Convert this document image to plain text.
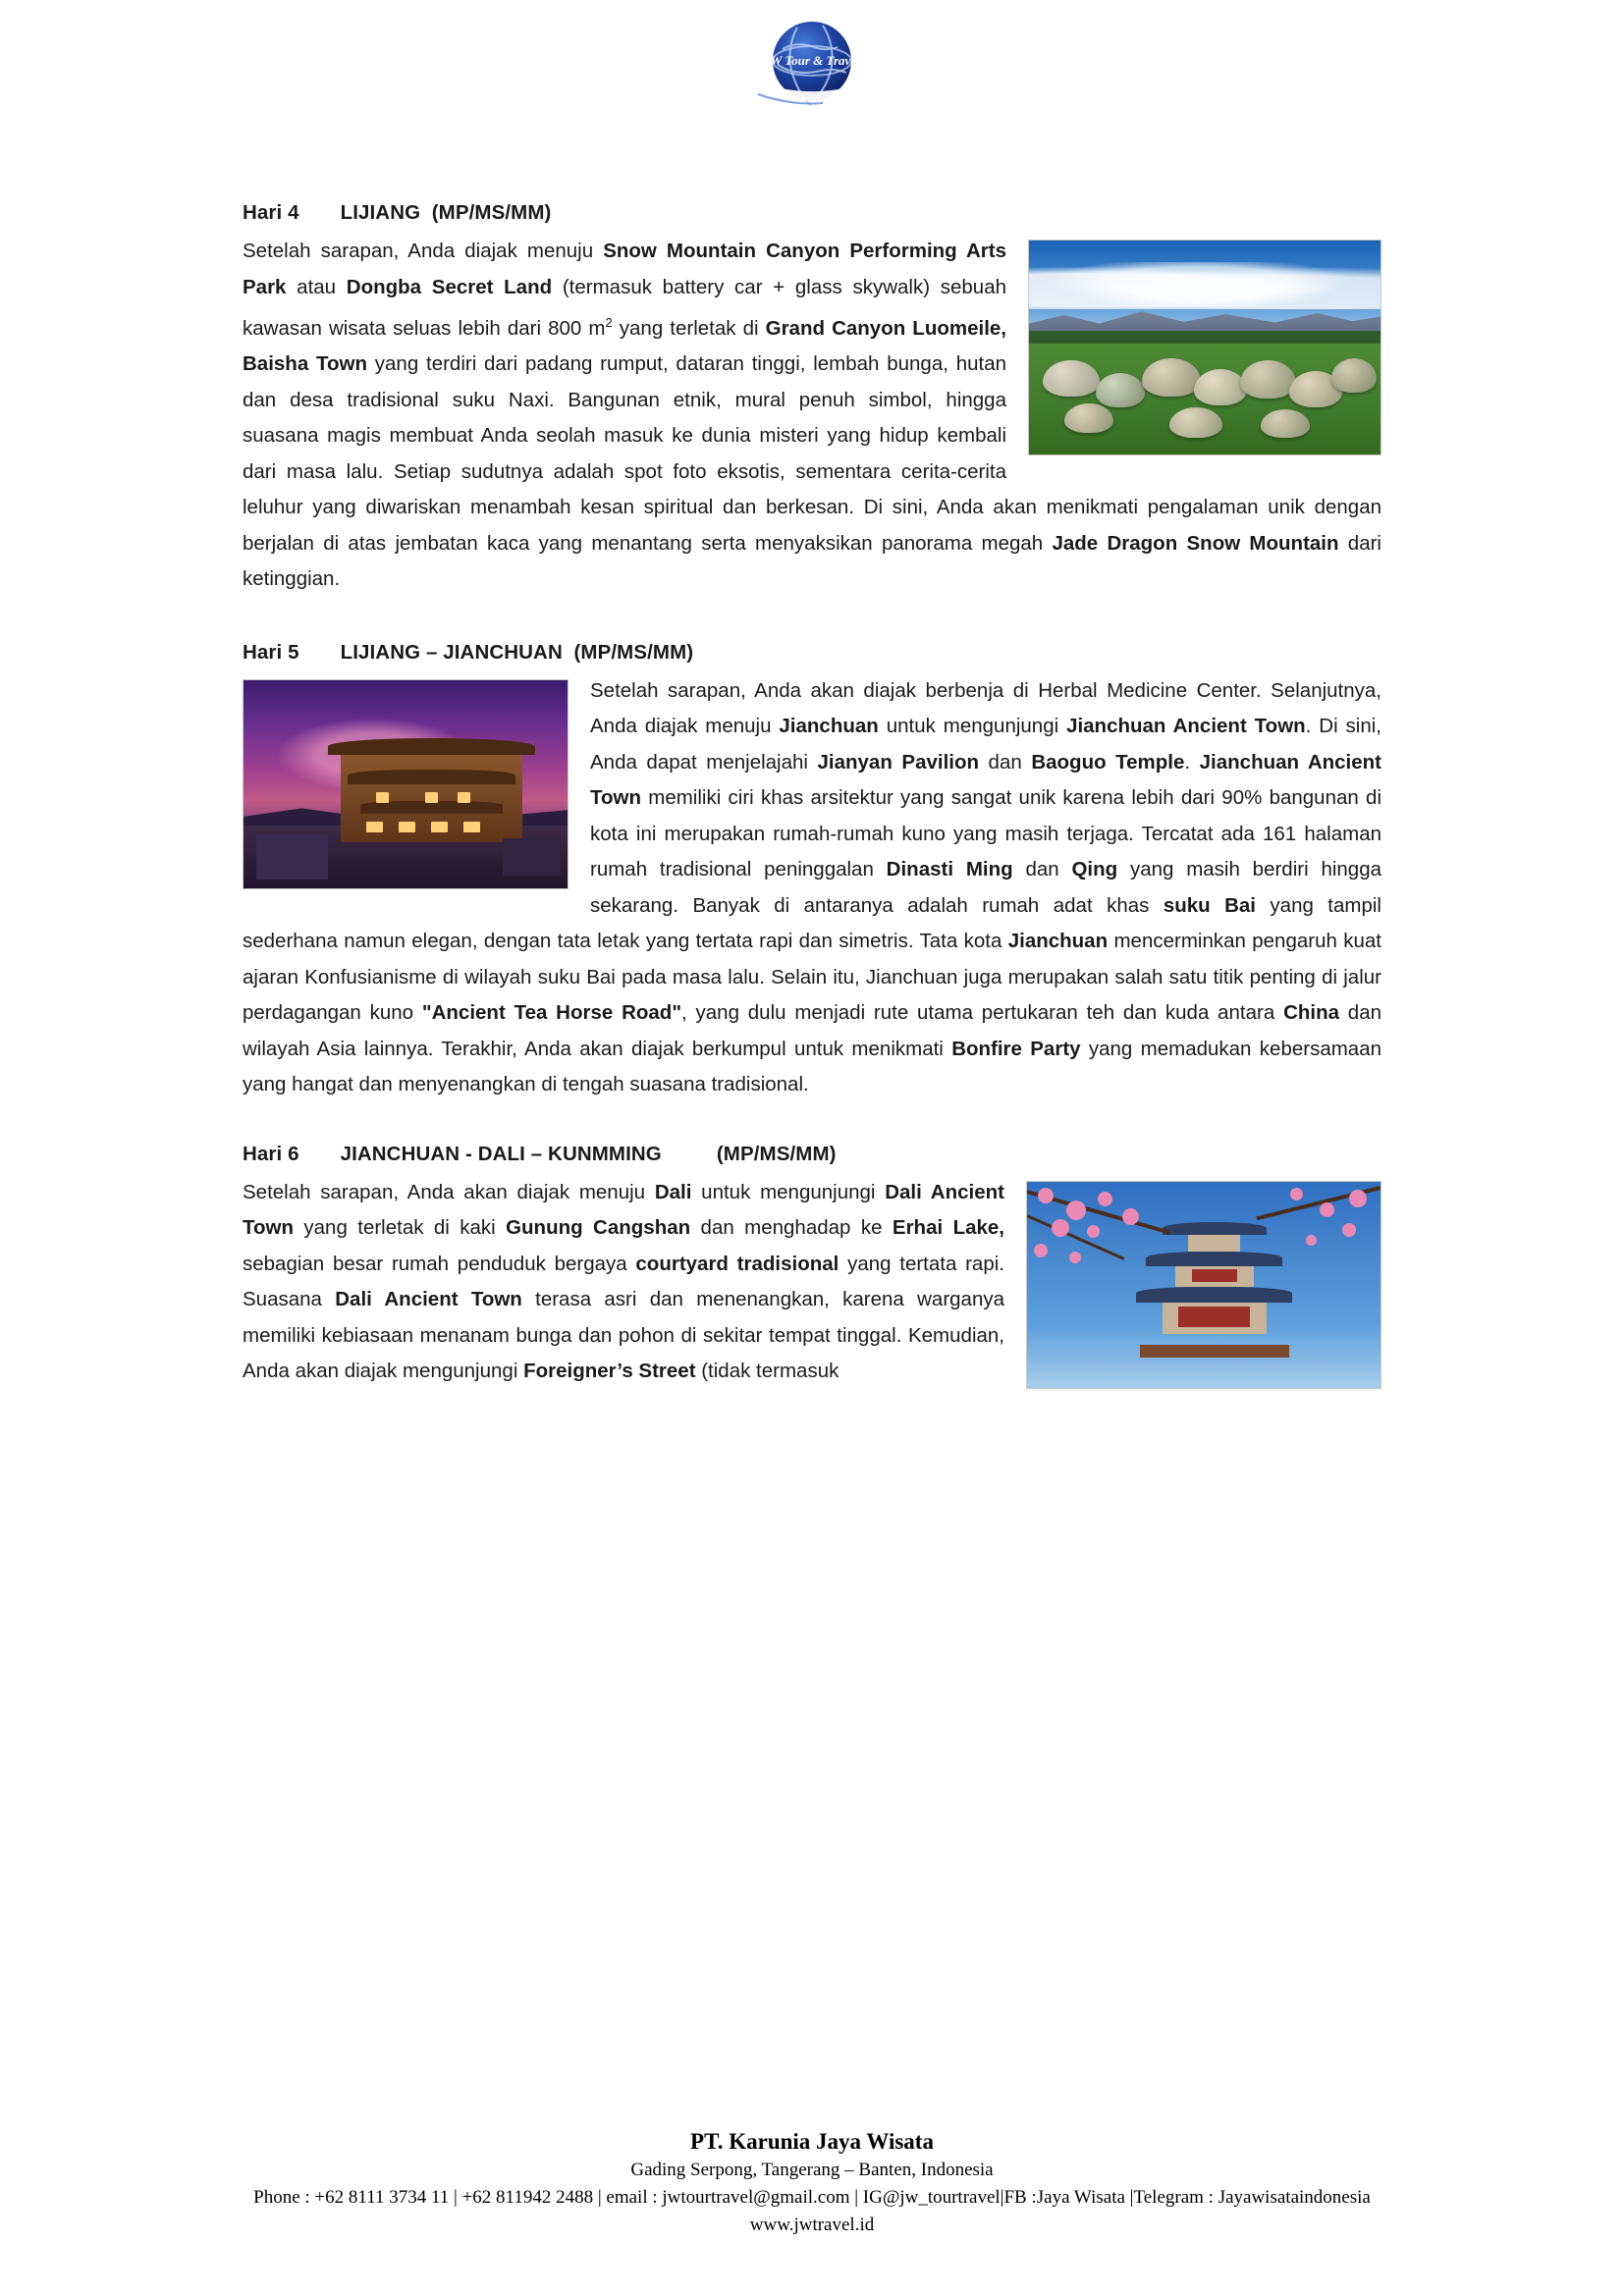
JW Tour & Travel
Hari 4 LIJIANG (MP/MS/MM)

Setelah sarapan, Anda diajak menuju Snow Mountain Canyon Performing Arts Park atau Dongba Secret Land (termasuk battery car + glass skywalk) sebuah kawasan wisata seluas lebih dari 800 $m^2$ yang terletak di Grand Canyon Luomeile, Baisha Town yang terdiri dari padang rumput, dataran tinggi, lembah bunga, hutan dan desa tradisional suku Naxi. Bangunan etnik, mural penuh simbol, hingga suasana magis membuat Anda seolah masuk ke dunia misteri yang hidup kembali dari masa lalu. Setiap sudutnya adalah spot foto eksotis, sementara cerita-cerita leluhur yang diwariskan menambah kesan spiritual dan berkesan. Di sini, Anda akan menikmati pengalaman unik dengan berjalan di atas jembatan kaca yang menantang serta menyaksikan panorama megah Jade Dragon Snow Mountain dari ketinggian.

Hari 5 LIJIANG – JIANCHUAN (MP/MS/MM)

Setelah sarapan, Anda akan diajak berbenja di Herbal Medicine Center. Selanjutnya, Anda diajak menuju Jianchuan untuk mengunjungi Jianchuan Ancient Town. Di sini, Anda dapat menjelajahi Jianyan Pavilion dan Baoguo Temple. Jianchuan Ancient Town memiliki ciri khas arsitektur yang sangat unik karena lebih dari 90% bangunan di kota ini merupakan rumah-rumah kuno yang masih terjaga. Tercatat ada 161 halaman rumah tradisional peninggalan Dinasti Ming dan Qing yang masih berdiri hingga sekarang. Banyak di antaranya adalah rumah adat khas suku Bai yang tampil sederhana namun elegan, dengan tata letak yang tertata rapi dan simetris. Tata kota Jianchuan mencerminkan pengaruh kuat ajaran Konfusianisme di wilayah suku Bai pada masa lalu. Selain itu, Jianchuan juga merupakan salah satu titik penting di jalur perdagangan kuno "Ancient Tea Horse Road", yang dulu menjadi rute utama pertukaran teh dan kuda antara China dan wilayah Asia lainnya. Terakhir, Anda akan diajak berkumpul untuk menikmati Bonfire Party yang memadukan kebersamaan yang hangat dan menyenangkan di tengah suasana tradisional.

Hari 6 JIANCHUAN - DALI – KUNMMING	(MP/MS/MM)

Setelah sarapan, Anda akan diajak menuju Dali untuk mengunjungi Dali Ancient Town yang terletak di kaki Gunung Cangshan dan menghadap ke Erhai Lake, sebagian besar rumah penduduk bergaya courtyard tradisional yang tertata rapi. Suasana Dali Ancient Town terasa asri dan menenangkan, karena warganya memiliki kebiasaan menanam bunga dan pohon di sekitar tempat tinggal. Kemudian, Anda akan diajak mengunjungi Foreigner’s Street (tidak termasuk

PT. Karunia Jaya Wisata
Gading Serpong, Tangerang – Banten, Indonesia
Phone : +62 8111 3734 11 | +62 811942 2488 | email : jwtourtravel@gmail.com | IG@jw_tourtravel|FB :Jaya Wisata |Telegram : Jayawisataindonesia
www.jwtravel.id
